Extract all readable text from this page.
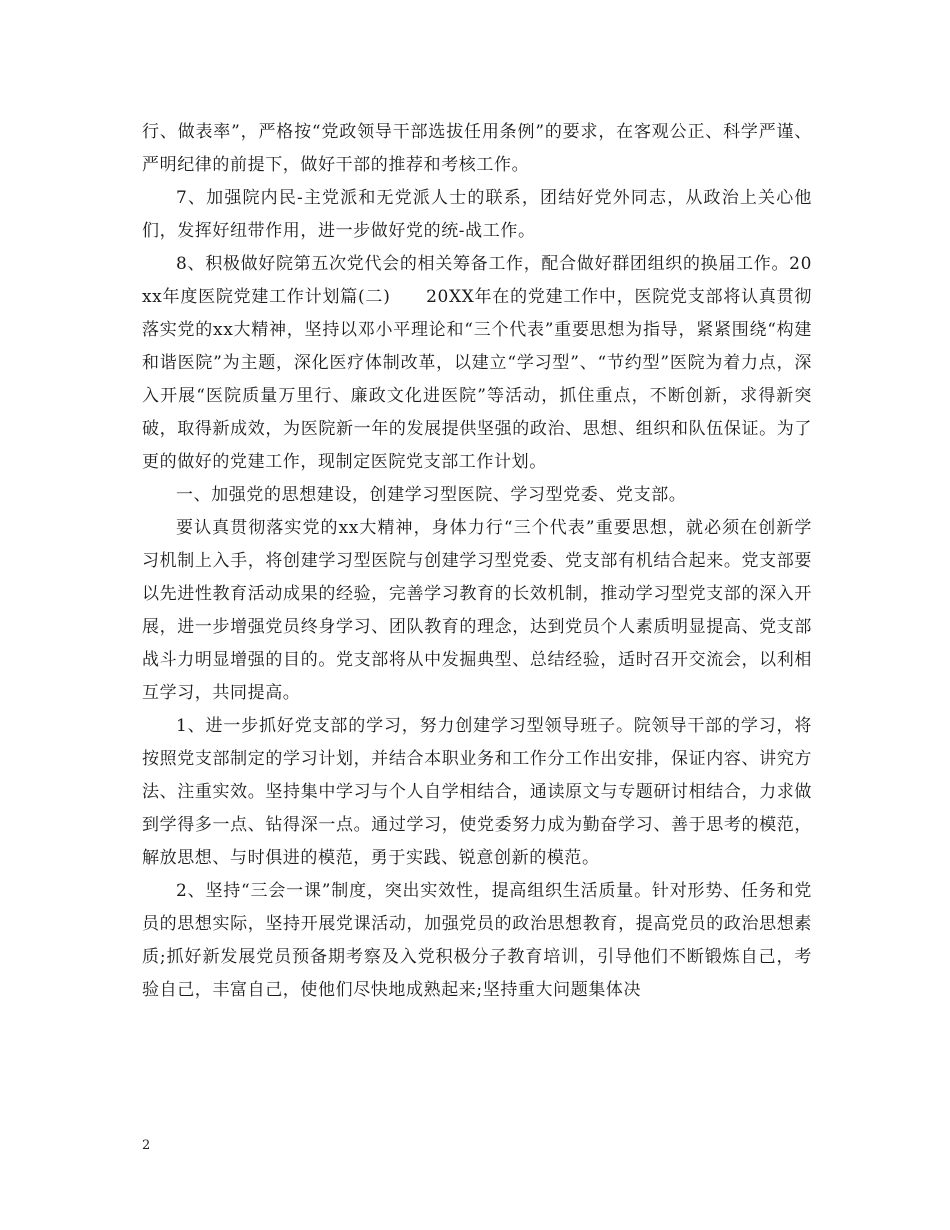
行、做表率”，严格按“党政领导干部选拔任用条例”的要求，在客观公正、科学严谨、严明纪律的前提下，做好干部的推荐和考核工作。

7、加强院内民-主党派和无党派人士的联系，团结好党外同志，从政治上关心他们，发挥好纽带作用，进一步做好党的统-战工作。

8、积极做好院第五次党代会的相关筹备工作，配合做好群团组织的换届工作。20xx年度医院党建工作计划篇(二)　　20XX年在的党建工作中，医院党支部将认真贯彻落实党的xx大精神，坚持以邓小平理论和“三个代表”重要思想为指导，紧紧围绕“构建和谐医院”为主题，深化医疗体制改革，以建立“学习型”、“节约型”医院为着力点，深入开展“医院质量万里行、廉政文化进医院”等活动，抓住重点，不断创新，求得新突破，取得新成效，为医院新一年的发展提供坚强的政治、思想、组织和队伍保证。为了更的做好的党建工作，现制定医院党支部工作计划。

一、加强党的思想建设，创建学习型医院、学习型党委、党支部。

要认真贯彻落实党的xx大精神，身体力行“三个代表”重要思想，就必须在创新学习机制上入手，将创建学习型医院与创建学习型党委、党支部有机结合起来。党支部要以先进性教育活动成果的经验，完善学习教育的长效机制，推动学习型党支部的深入开展，进一步增强党员终身学习、团队教育的理念，达到党员个人素质明显提高、党支部战斗力明显增强的目的。党支部将从中发掘典型、总结经验，适时召开交流会，以利相互学习，共同提高。

1、进一步抓好党支部的学习，努力创建学习型领导班子。院领导干部的学习，将按照党支部制定的学习计划，并结合本职业务和工作分工作出安排，保证内容、讲究方法、注重实效。坚持集中学习与个人自学相结合，通读原文与专题研讨相结合，力求做到学得多一点、钻得深一点。通过学习，使党委努力成为勤奋学习、善于思考的模范，解放思想、与时俱进的模范，勇于实践、锐意创新的模范。

2、坚持“三会一课”制度，突出实效性，提高组织生活质量。针对形势、任务和党员的思想实际，坚持开展党课活动，加强党员的政治思想教育，提高党员的政治思想素质;抓好新发展党员预备期考察及入党积极分子教育培训，引导他们不断锻炼自己，考验自己，丰富自己，使他们尽快地成熟起来;坚持重大问题集体决

2
